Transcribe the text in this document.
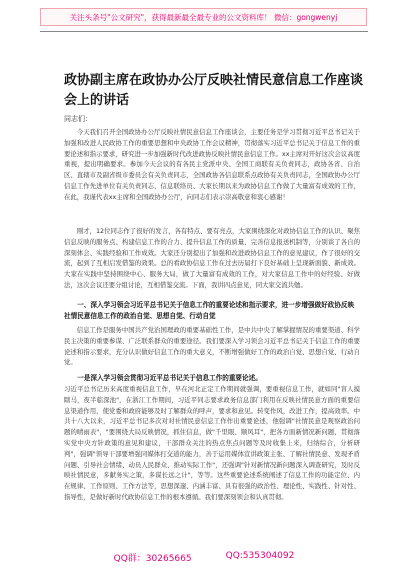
关注头条号"公文研究"，获得最新最全最专业的公文资料库！ 微信：gongwenyj
政协副主席在政协办公厅反映社情民意信息工作座谈会上的讲话
同志们：

今天我们召开全国政协办公厅反映社情民意信息工作座谈会，主要任务是学习贯彻习近平总书记关于加强和改进人民政协工作的重要思想和中央政协工作会议精神，贯彻落实习近平总书记关于信息工作的重要论述和指示要求，研究进一步加强新时代改进政协反映社情民意信息工作。xx主席对开好这次会议高度重视，提出明确要求。参加今天会议的有各民主党派中央、全国工商联有关负责同志，政协各省、自治区、直辖市及副省级市委员会有关负责同志，全国政协各信息联系点政协有关负责同志，全国政协办公厅信息工作先进单位有关负责同志，信息联络员、大家长期以来为政协信息工作做了大量富有成效的工作，在此，我谨代表xx主席和全国政协办公厅，向同志们表示崇高敬意和衷心感谢！

刚才，12位同志作了很好的发言，各有特点、要有亮点，大家围绕深化对政协信息工作的认识、聚焦信息反映的服务点、构建信息工作的合力、提升信息工作的质量、完善信息报送机制等，分别谈了各自的深刻体会、实践经验和工作成效。大家还分别提出了加强和改进政协信息工作的意见建议，作了很好的交流，起到了互相启发借鉴的效果。总的看政协信息工作在过去历届打下良好基础上呈现新面貌、新成效。大家在实践中坚持围绕中心、服务大局，做了大量富有成效的工作，对大家信息工作中的好经验、好做法，这次会议还要分组讨论，互相借鉴交流。下面，我讲四点意见，同大家交流共勉。

一、深入学习领会习近平总书记关于信息工作的重要论述和指示要求，进一步增强做好政协反映社情民意信息工作的政治自觉、思想自觉、行动自觉

信息工作是服务中国共产党治国理政的重要基础性工作，是中共中央了解掌握情况的重要渠道、科学民主决策的重要参谋、广泛联系群众的重要途径。我们要深入学习领会习近平总书记关于信息工作的重要论述和指示要求，充分认识做好信息工作的重大意义，不断增强做好工作的政治自觉、思想自觉、行动自觉。

一是深入学习领会贯彻习近平总书记关于信息工作的重要论述。

习近平总书记历来高度重视信息工作，早在河北正定工作期间就强调，要重视信息工作，就如同"盲人摸瞎马，夜半临深池"，在浙江工作期间，习近平同志要求政务信息部门利用在反映社情民意方面的重要信息渠道作用，使党委和政府能够及时了解群众的呼声，要求和意见。转变作风，改进工作，提高效率。中共十八大以来，习近平总书记多次对对社情民意信息工作作出重要论述，他强调"社情民意是观察政治问题的晴雨表"，"要围绕大局反映情况，抓住信息，做"千里眼、顺风耳"，把各方面新情况新问题、贯彻落实党中央方针政策的意见和建议，干部群众关注的热点焦点问题等及时收集上来，归纳综合，分析研判"，强调"领导干部要增强同媒体打交道的能力，善于运用媒体宣讲政策主张、了解社情民意、发现矛盾问题、引导社会情绪、动员人民群众、推动实际工作"，还强调"针对新情况新问题深入调查研究，及时反映社情民意，多献务实之策，多谋长远之计"，等等。这些重要论述系统阐述了信息工作的功能定位、内在规律、工作原则、工作方法等，思想深邃、内涵丰富、具有很强的政治性、理论性、实践性、针对性、指导性，是做好新时代政协信息工作的根本遵循。我们要深刻领会和认真贯彻。

QQ群：30265665	QQ:535304092
